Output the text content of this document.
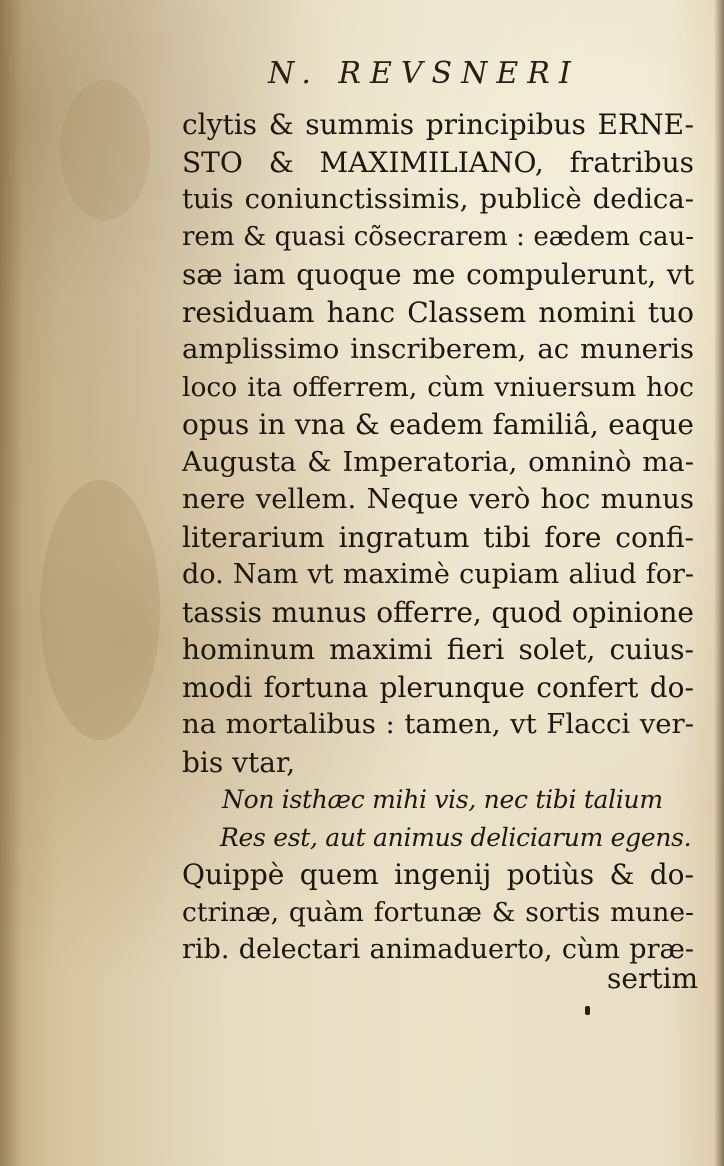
N. REVSNERI
clytis & summis principibus ERNE-
STO & MAXIMILIANO, fratribus
tuis coniunctissimis, publicè dedica-
rem & quasi cõsecrarem : eædem cau-
sæ iam quoque me compulerunt, vt
residuam hanc Classem nomini tuo
amplissimo inscriberem, ac muneris
loco ita offerrem, cùm vniuersum hoc
opus in vna & eadem familiâ, eaque
Augusta & Imperatoria, omninò ma-
nere vellem. Neque verò hoc munus
literarium ingratum tibi fore confi-
do. Nam vt maximè cupiam aliud for-
tassis munus offerre, quod opinione
hominum maximi fieri solet, cuius-
modi fortuna plerunque confert do-
na mortalibus : tamen, vt Flacci ver-
bis vtar,
Non isthæc mihi vis, nec tibi talium
Res est, aut animus deliciarum egens.
Quippè quem ingenij potiùs & do-
ctrinæ, quàm fortunæ & sortis mune-
rib. delectari animaduerto, cùm præ-
sertim
